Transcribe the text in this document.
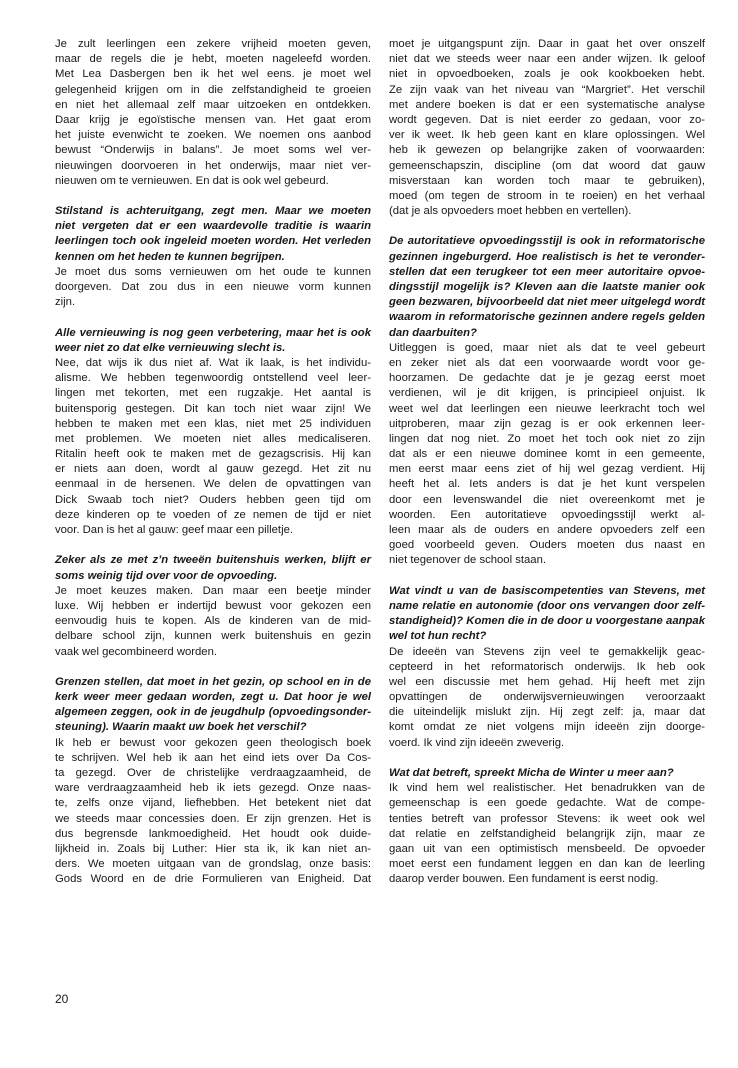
Je zult leerlingen een zekere vrijheid moeten geven,
maar de regels die je hebt, moeten nageleefd worden.
Met Lea Dasbergen ben ik het wel eens. je moet wel
gelegenheid krijgen om in die zelfstandigheid te groeien
en niet het allemaal zelf maar uitzoeken en ontdekken.
Daar krijg je egoïstische mensen van. Het gaat erom
het juiste evenwicht te zoeken. We noemen ons aanbod
bewust “Onderwijs in balans”. Je moet soms wel ver-
nieuwingen doorvoeren in het onderwijs, maar niet ver-
nieuwen om te vernieuwen. En dat is ook wel gebeurd.
Stilstand is achteruitgang, zegt men. Maar we moeten
niet vergeten dat er een waardevolle traditie is waarin
leerlingen toch ook ingeleid moeten worden. Het verleden
kennen om het heden te kunnen begrijpen.
Je moet dus soms vernieuwen om het oude te kunnen
doorgeven. Dat zou dus in een nieuwe vorm kunnen
zijn.
Alle vernieuwing is nog geen verbetering, maar het is ook
weer niet zo dat elke vernieuwing slecht is.
Nee, dat wijs ik dus niet af. Wat ik laak, is het individu-
alisme. We hebben tegenwoordig ontstellend veel leer-
lingen met tekorten, met een rugzakje. Het aantal is
buitensporig gestegen. Dit kan toch niet waar zijn! We
hebben te maken met een klas, niet met 25 individuen
met problemen. We moeten niet alles medicaliseren.
Ritalin heeft ook te maken met de gezagscrisis. Hij kan
er niets aan doen, wordt al gauw gezegd. Het zit nu
eenmaal in de hersenen. We delen de opvattingen van
Dick Swaab toch niet? Ouders hebben geen tijd om
deze kinderen op te voeden of ze nemen de tijd er niet
voor. Dan is het al gauw: geef maar een pilletje.
Zeker als ze met z’n tweeën buitenshuis werken, blijft er
soms weinig tijd over voor de opvoeding.
Je moet keuzes maken. Dan maar een beetje minder
luxe. Wij hebben er indertijd bewust voor gekozen een
eenvoudig huis te kopen. Als de kinderen van de mid-
delbare school zijn, kunnen werk buitenshuis en gezin
vaak wel gecombineerd worden.
Grenzen stellen, dat moet in het gezin, op school en in de
kerk weer meer gedaan worden, zegt u. Dat hoor je wel
algemeen zeggen, ook in de jeugdhulp (opvoedingsonder-
steuning). Waarin maakt uw boek het verschil?
Ik heb er bewust voor gekozen geen theologisch boek
te schrijven. Wel heb ik aan het eind iets over Da Cos-
ta gezegd. Over de christelijke verdraagzaamheid, de
ware verdraagzaamheid heb ik iets gezegd. Onze naas-
te, zelfs onze vijand, liefhebben. Het betekent niet dat
we steeds maar concessies doen. Er zijn grenzen. Het is
dus begrensde lankmoedigheid. Het houdt ook duide-
lijkheid in. Zoals bij Luther: Hier sta ik, ik kan niet an-
ders. We moeten uitgaan van de grondslag, onze basis:
Gods Woord en de drie Formulieren van Enigheid. Dat
moet je uitgangspunt zijn. Daar in gaat het over onszelf
niet dat we steeds weer naar een ander wijzen. Ik geloof
niet in opvoedboeken, zoals je ook kookboeken hebt.
Ze zijn vaak van het niveau van “Margriet”. Het verschil
met andere boeken is dat er een systematische analyse
wordt gegeven. Dat is niet eerder zo gedaan, voor zo-
ver ik weet. Ik heb geen kant en klare oplossingen. Wel
heb ik gewezen op belangrijke zaken of voorwaarden:
gemeenschapszin, discipline (om dat woord dat gauw
misverstaan kan worden toch maar te gebruiken),
moed (om tegen de stroom in te roeien) en het verhaal
(dat je als opvoeders moet hebben en vertellen).
De autoritatieve opvoedingsstijl is ook in reformatorische
gezinnen ingeburgerd. Hoe realistisch is het te veronder-
stellen dat een terugkeer tot een meer autoritaire opvoe-
dingsstijl mogelijk is? Kleven aan die laatste manier ook
geen bezwaren, bijvoorbeeld dat niet meer uitgelegd wordt
waarom in reformatorische gezinnen andere regels gelden
dan daarbuiten?
Uitleggen is goed, maar niet als dat te veel gebeurt
en zeker niet als dat een voorwaarde wordt voor ge-
hoorzamen. De gedachte dat je je gezag eerst moet
verdienen, wil je dit krijgen, is principieel onjuist. Ik
weet wel dat leerlingen een nieuwe leerkracht toch wel
uitproberen, maar zijn gezag is er ook erkennen leer-
lingen dat nog niet. Zo moet het toch ook niet zo zijn
dat als er een nieuwe dominee komt in een gemeente,
men eerst maar eens ziet of hij wel gezag verdient. Hij
heeft het al. Iets anders is dat je het kunt verspelen
door een levenswandel die niet overeenkomt met je
woorden. Een autoritatieve opvoedingsstijl werkt al-
leen maar als de ouders en andere opvoeders zelf een
goed voorbeeld geven. Ouders moeten dus naast en
niet tegenover de school staan.
Wat vindt u van de basiscompetenties van Stevens, met
name relatie en autonomie (door ons vervangen door zelf-
standigheid)? Komen die in de door u voorgestane aanpak
wel tot hun recht?
De ideeën van Stevens zijn veel te gemakkelijk geac-
cepteerd in het reformatorisch onderwijs. Ik heb ook
wel een discussie met hem gehad. Hij heeft met zijn
opvattingen de onderwijsvernieuwingen veroorzaakt
die uiteindelijk mislukt zijn. Hij zegt zelf: ja, maar dat
komt omdat ze niet volgens mijn ideeën zijn doorge-
voerd. Ik vind zijn ideeën zweverig.
Wat dat betreft, spreekt Micha de Winter u meer aan?
Ik vind hem wel realistischer. Het benadrukken van de
gemeenschap is een goede gedachte. Wat de compe-
tenties betreft van professor Stevens: ik weet ook wel
dat relatie en zelfstandigheid belangrijk zijn, maar ze
gaan uit van een optimistisch mensbeeld. De opvoeder
moet eerst een fundament leggen en dan kan de leerling
daarop verder bouwen. Een fundament is eerst nodig.
20
